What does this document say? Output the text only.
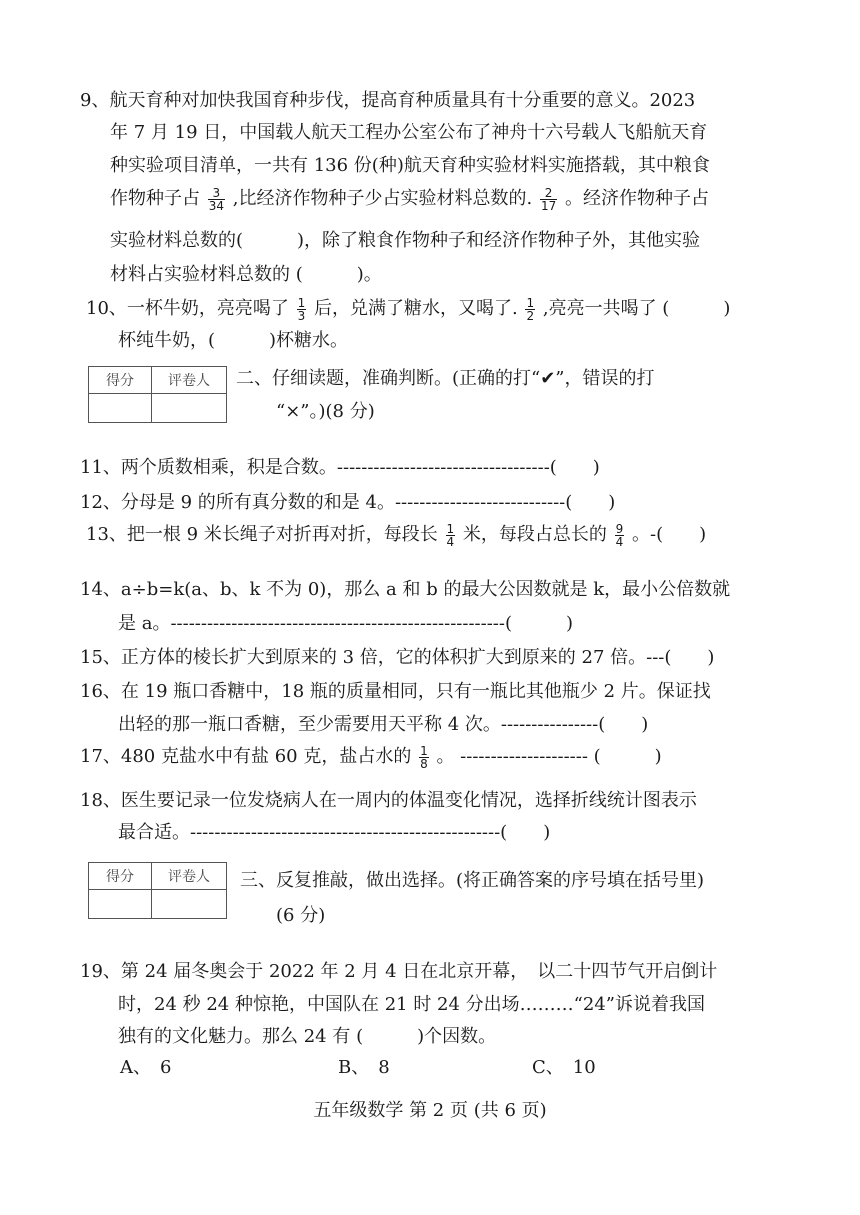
9、航天育种对加快我国育种步伐，提高育种质量具有十分重要的意义。2023
年 7 月 19 日，中国载人航天工程办公室公布了神舟十六号载人飞船航天育
种实验项目清单，一共有 136 份(种)航天育种实验材料实施搭载，其中粮食
作物种子占 $\frac{3}{34}$ ,比经济作物种子少占实验材料总数的. $\frac{2}{17}$ 。经济作物种子占
实验材料总数的(　　　)，除了粮食作物种子和经济作物种子外，其他实验
材料占实验材料总数的 (　　　)。
10、一杯牛奶，亮亮喝了 $\frac{1}{3}$ 后，兑满了糖水，又喝了. $\frac{1}{2}$ ,亮亮一共喝了 (　　　)
杯纯牛奶，(　　　)杯糖水。
得分	评卷人
	二、仔细读题，准确判断。(正确的打“✔”，错误的打
“×”。)(8 分)
11、两个质数相乘，积是合数。-----------------------------------(　　)
12、分母是 9 的所有真分数的和是 4。----------------------------(　　)
13、把一根 9 米长绳子对折再对折，每段长 $\frac{1}{4}$ 米，每段占总长的 $\frac{9}{4}$ 。-(　　)
14、a÷b=k(a、b、k 不为 0)，那么 a 和 b 的最大公因数就是 k，最小公倍数就
是 a。-------------------------------------------------------(　　　)
15、正方体的棱长扩大到原来的 3 倍，它的体积扩大到原来的 27 倍。---(　　)
16、在 19 瓶口香糖中，18 瓶的质量相同，只有一瓶比其他瓶少 2 片。保证找
出轻的那一瓶口香糖，至少需要用天平称 4 次。----------------(　　)
17、480 克盐水中有盐 60 克，盐占水的 $\frac{1}{8}$ 。 --------------------- (　　　)
18、医生要记录一位发烧病人在一周内的体温变化情况，选择折线统计图表示
最合适。---------------------------------------------------(　　)
得分	评卷人
	三、反复推敲，做出选择。(将正确答案的序号填在括号里)
(6 分)
19、第 24 届冬奥会于 2022 年 2 月 4 日在北京开幕，　以二十四节气开启倒计
时，24 秒 24 种惊艳，中国队在 21 时 24 分出场………“24”诉说着我国
独有的文化魅力。那么 24 有 (　　　)个因数。
A、　6	B、　8	C、　10
五年级数学 第 2 页 (共 6 页)
